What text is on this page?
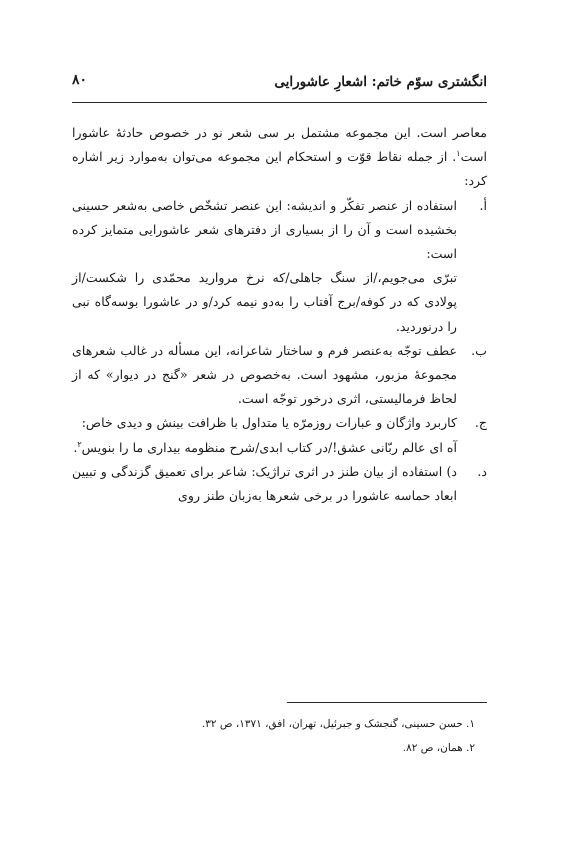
انگشتری سوّم خاتم: اشعارِ عاشورایی
۸۰

معاصر است. این مجموعه مشتمل بر سی شعر نو در خصوص حادثهٔ عاشورا است$^۱$. از جمله نقاط قوّت و استحکام این مجموعه می‌توان به‌موارد زیر اشاره کرد:

أ.

استفاده از عنصر تفکّر و اندیشه: این عنصر تشخّص خاصی به‌شعر حسینی بخشیده است و آن را از بسیاری از دفترهای شعر عاشورایی متمایز کرده است:

تبرّی می‌جویم،/از سنگ جاهلی/که نرخ مروارید محمّدی را شکست/از پولادی که در کوفه/برج آفتاب را به‌دو نیمه کرد/و در عاشورا بوسه‌گاه نبی را درنوردید.

ب.

عطف توجّه به‌عنصر فرم و ساختار شاعرانه، این مسأله در غالب شعرهای مجموعهٔ مزبور، مشهود است. به‌خصوص در شعر «گنج در دیوار» که از لحاظ فرمالیستی، اثری درخور توجّه است.

ج.

کاربرد واژگان و عبارات روزمرّه یا متداول با ظرافت بینش و دیدی خاص:

آه ای عالم ربّانی عشق!/در کتاب ابدی/شرح منظومه بیداری ما را بنویس$^۲$.

د.

د) استفاده از بیان طنز در اثری تراژیک: شاعر برای تعمیق گزندگی و تبیین ابعاد حماسه عاشورا در برخی شعرها به‌زبان طنز روی

۱. حسن حسینی، گنجشک و جبرئیل، تهران، افق، ۱۳۷۱، ص ۳۲.

۲. همان، ص ۸۲.
